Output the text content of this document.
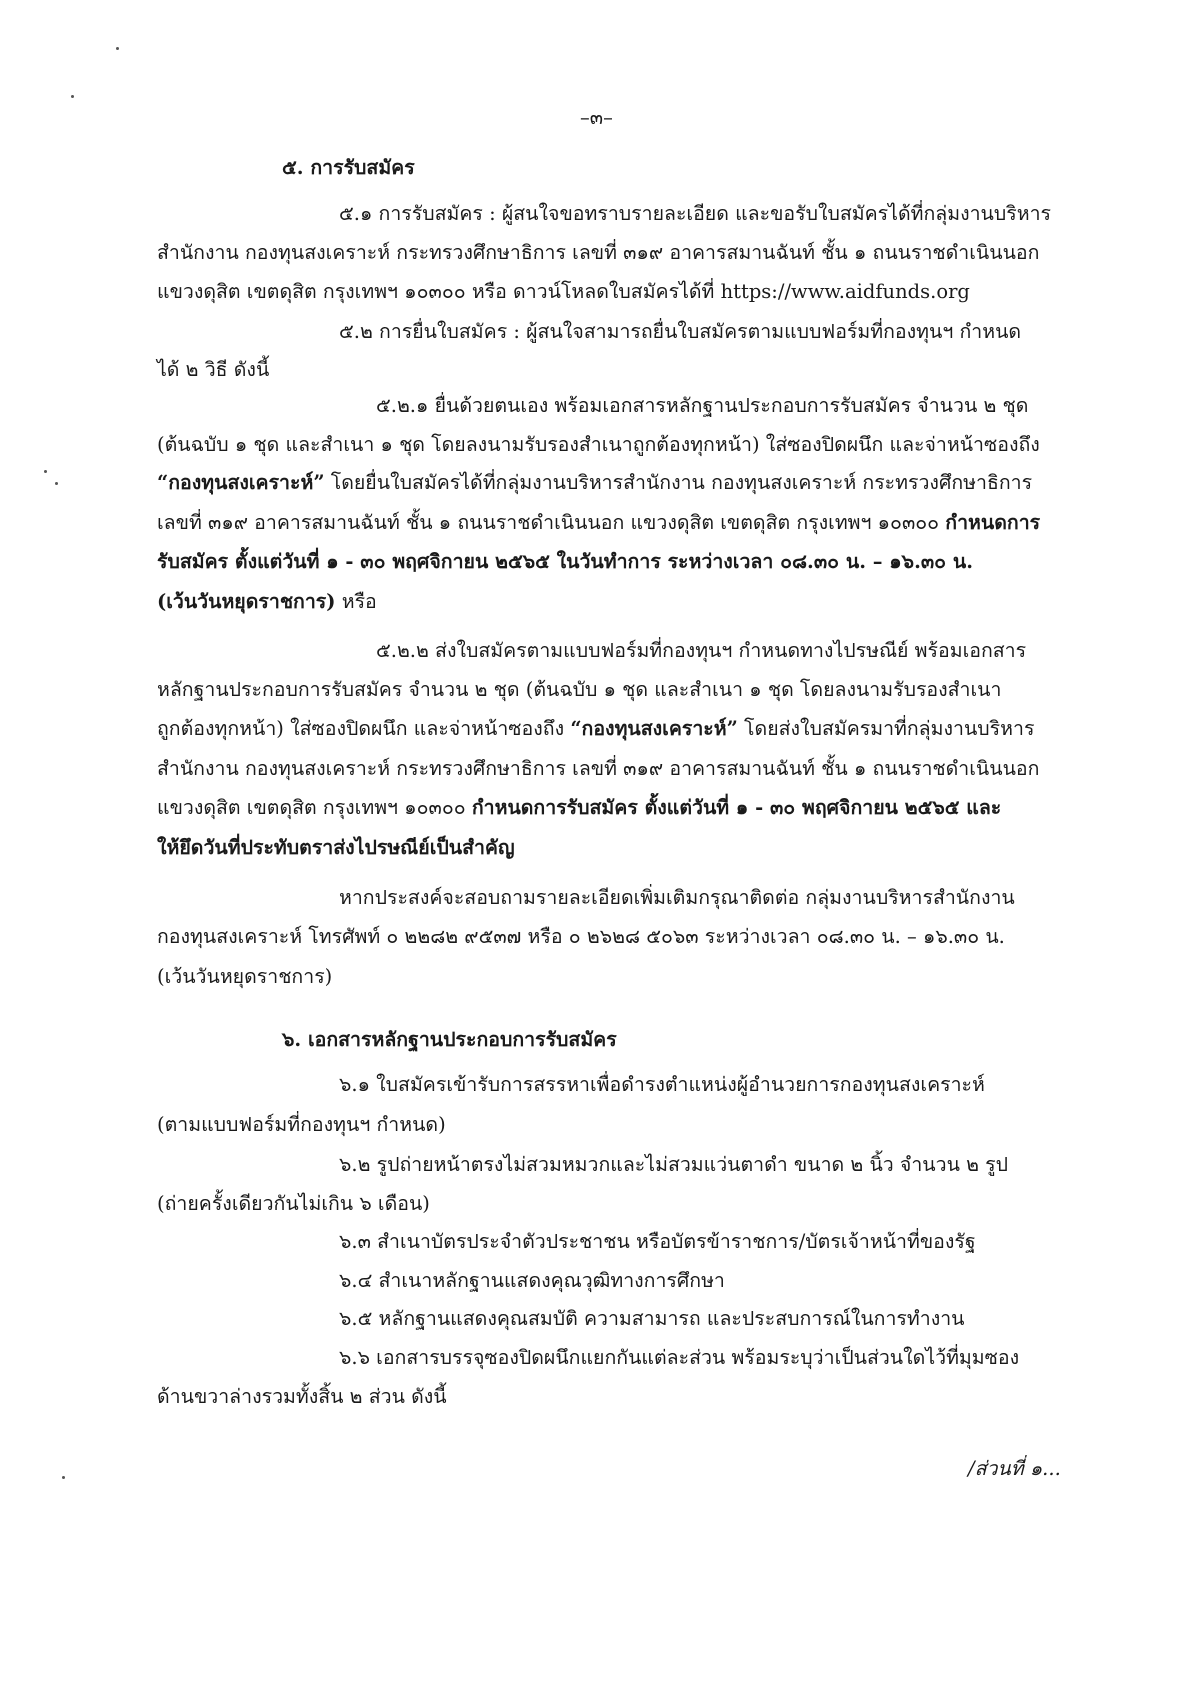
–๓–
๕. การรับสมัคร
๕.๑ การรับสมัคร : ผู้สนใจขอทราบรายละเอียด และขอรับใบสมัครได้ที่กลุ่มงานบริหาร
สำนักงาน กองทุนสงเคราะห์ กระทรวงศึกษาธิการ เลขที่ ๓๑๙ อาคารสมานฉันท์ ชั้น ๑ ถนนราชดำเนินนอก
แขวงดุสิต เขตดุสิต กรุงเทพฯ ๑๐๓๐๐ หรือ ดาวน์โหลดใบสมัครได้ที่ https://www.aidfunds.org
๕.๒ การยื่นใบสมัคร : ผู้สนใจสามารถยื่นใบสมัครตามแบบฟอร์มที่กองทุนฯ กำหนด
ได้ ๒ วิธี ดังนี้
๕.๒.๑ ยื่นด้วยตนเอง พร้อมเอกสารหลักฐานประกอบการรับสมัคร จำนวน ๒ ชุด
(ต้นฉบับ ๑ ชุด และสำเนา ๑ ชุด โดยลงนามรับรองสำเนาถูกต้องทุกหน้า) ใส่ซองปิดผนึก และจ่าหน้าซองถึง
“กองทุนสงเคราะห์” โดยยื่นใบสมัครได้ที่กลุ่มงานบริหารสำนักงาน กองทุนสงเคราะห์ กระทรวงศึกษาธิการ
เลขที่ ๓๑๙ อาคารสมานฉันท์ ชั้น ๑ ถนนราชดำเนินนอก แขวงดุสิต เขตดุสิต กรุงเทพฯ ๑๐๓๐๐ กำหนดการ
รับสมัคร ตั้งแต่วันที่ ๑ - ๓๐ พฤศจิกายน ๒๕๖๕ ในวันทำการ ระหว่างเวลา ๐๘.๓๐ น. – ๑๖.๓๐ น.
(เว้นวันหยุดราชการ) หรือ
๕.๒.๒ ส่งใบสมัครตามแบบฟอร์มที่กองทุนฯ กำหนดทางไปรษณีย์ พร้อมเอกสาร
หลักฐานประกอบการรับสมัคร จำนวน ๒ ชุด (ต้นฉบับ ๑ ชุด และสำเนา ๑ ชุด โดยลงนามรับรองสำเนา
ถูกต้องทุกหน้า) ใส่ซองปิดผนึก และจ่าหน้าซองถึง “กองทุนสงเคราะห์” โดยส่งใบสมัครมาที่กลุ่มงานบริหาร
สำนักงาน กองทุนสงเคราะห์ กระทรวงศึกษาธิการ เลขที่ ๓๑๙ อาคารสมานฉันท์ ชั้น ๑ ถนนราชดำเนินนอก
แขวงดุสิต เขตดุสิต กรุงเทพฯ ๑๐๓๐๐ กำหนดการรับสมัคร ตั้งแต่วันที่ ๑ - ๓๐ พฤศจิกายน ๒๕๖๕ และ
ให้ยึดวันที่ประทับตราส่งไปรษณีย์เป็นสำคัญ
หากประสงค์จะสอบถามรายละเอียดเพิ่มเติมกรุณาติดต่อ กลุ่มงานบริหารสำนักงาน
กองทุนสงเคราะห์ โทรศัพท์ ๐ ๒๒๘๒ ๙๕๓๗ หรือ ๐ ๒๖๒๘ ๕๐๖๓ ระหว่างเวลา ๐๘.๓๐ น. – ๑๖.๓๐ น.
(เว้นวันหยุดราชการ)
๖. เอกสารหลักฐานประกอบการรับสมัคร
๖.๑ ใบสมัครเข้ารับการสรรหาเพื่อดำรงตำแหน่งผู้อำนวยการกองทุนสงเคราะห์
(ตามแบบฟอร์มที่กองทุนฯ กำหนด)
๖.๒ รูปถ่ายหน้าตรงไม่สวมหมวกและไม่สวมแว่นตาดำ ขนาด ๒ นิ้ว จำนวน ๒ รูป
(ถ่ายครั้งเดียวกันไม่เกิน ๖ เดือน)
๖.๓ สำเนาบัตรประจำตัวประชาชน หรือบัตรข้าราชการ/บัตรเจ้าหน้าที่ของรัฐ
๖.๔ สำเนาหลักฐานแสดงคุณวุฒิทางการศึกษา
๖.๕ หลักฐานแสดงคุณสมบัติ ความสามารถ และประสบการณ์ในการทำงาน
๖.๖ เอกสารบรรจุซองปิดผนึกแยกกันแต่ละส่วน พร้อมระบุว่าเป็นส่วนใดไว้ที่มุมซอง
ด้านขวาล่างรวมทั้งสิ้น ๒ ส่วน ดังนี้
/ส่วนที่ ๑...
